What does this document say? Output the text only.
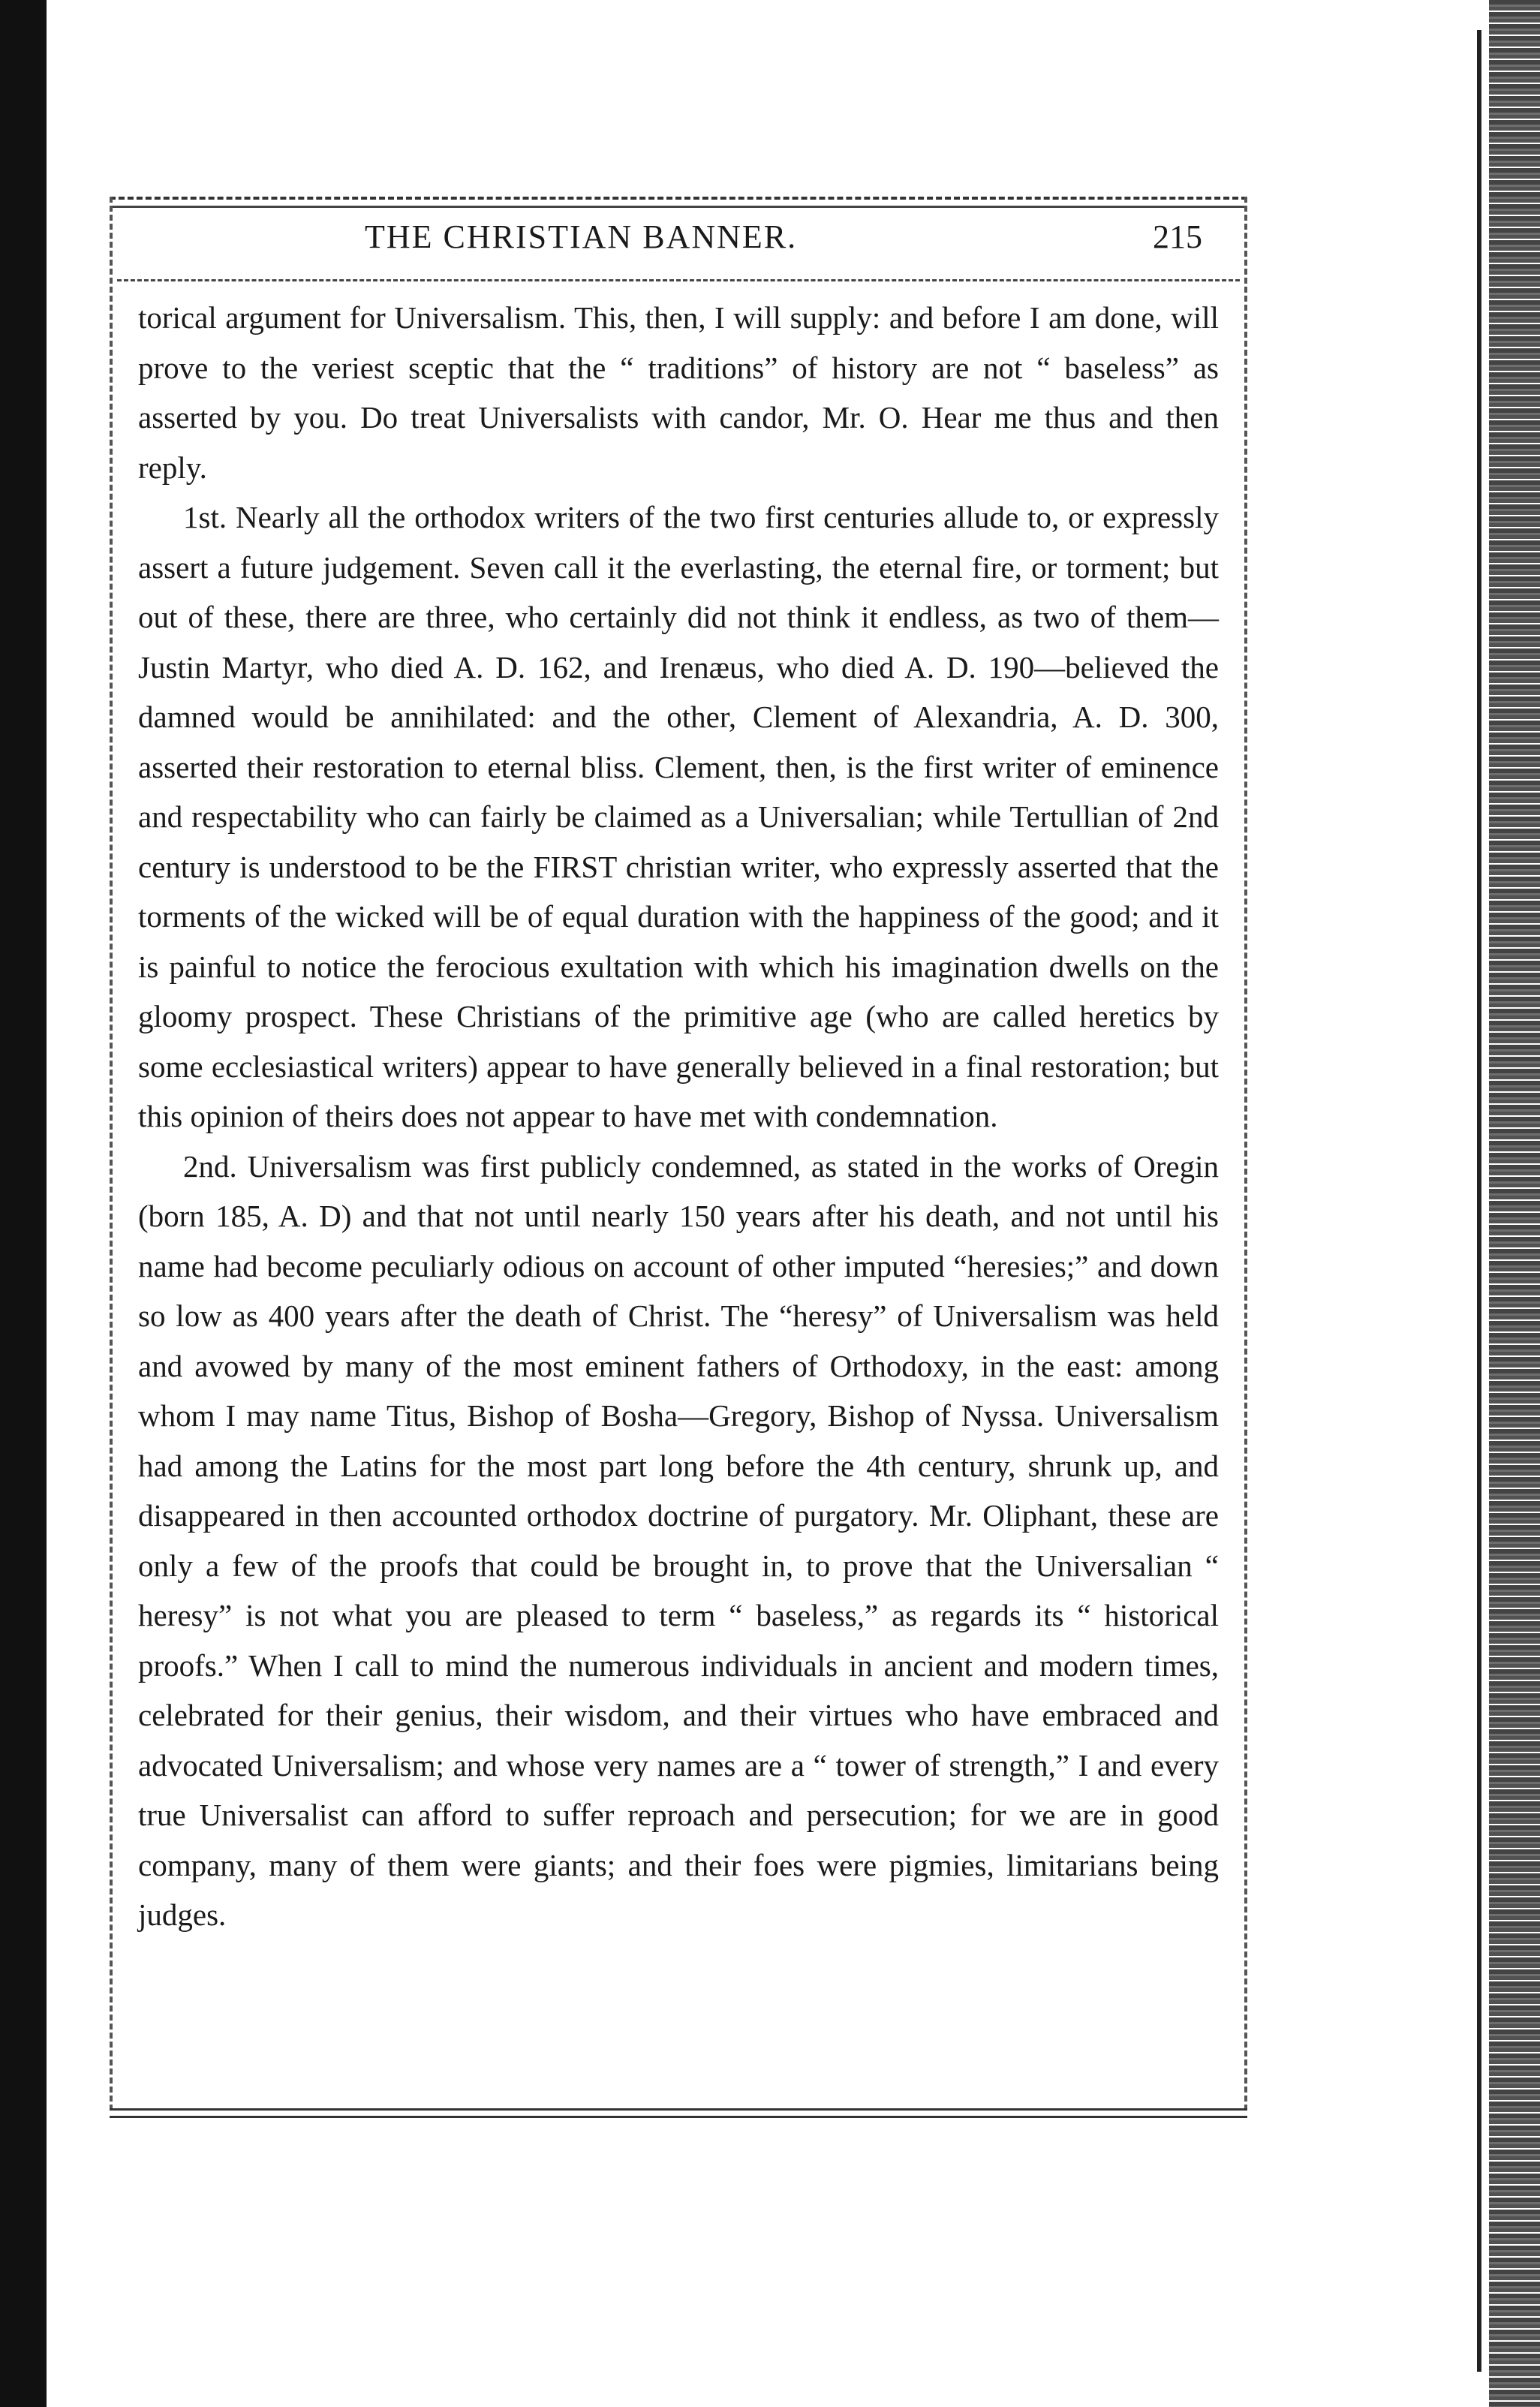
THE CHRISTIAN BANNER.	215

torical argument for Universalism. This, then, I will supply: and before I am done, will prove to the veriest sceptic that the “ traditions” of history are not “ baseless” as asserted by you. Do treat Universalists with candor, Mr. O. Hear me thus and then reply.

1st. Nearly all the orthodox writers of the two first centuries allude to, or expressly assert a future judgement. Seven call it the everlasting, the eternal fire, or torment; but out of these, there are three, who certainly did not think it endless, as two of them—Justin Martyr, who died A. D. 162, and Irenæus, who died A. D. 190—believed the damned would be annihilated: and the other, Clement of Alexandria, A. D. 300, asserted their restoration to eternal bliss. Clement, then, is the first writer of eminence and respectability who can fairly be claimed as a Universalian; while Tertullian of 2nd century is understood to be the FIRST christian writer, who expressly asserted that the torments of the wicked will be of equal duration with the happiness of the good; and it is painful to notice the ferocious exultation with which his imagination dwells on the gloomy prospect. These Christians of the primitive age (who are called heretics by some ecclesiastical writers) appear to have generally believed in a final restoration; but this opinion of theirs does not appear to have met with condemnation.

2nd. Universalism was first publicly condemned, as stated in the works of Oregin (born 185, A. D) and that not until nearly 150 years after his death, and not until his name had become peculiarly odious on account of other imputed “heresies;” and down so low as 400 years after the death of Christ. The “heresy” of Universalism was held and avowed by many of the most eminent fathers of Orthodoxy, in the east: among whom I may name Titus, Bishop of Bosha—Gregory, Bishop of Nyssa. Universalism had among the Latins for the most part long before the 4th century, shrunk up, and disappeared in then accounted orthodox doctrine of purgatory. Mr. Oliphant, these are only a few of the proofs that could be brought in, to prove that the Universalian “ heresy” is not what you are pleased to term “ baseless,” as regards its “ historical proofs.” When I call to mind the numerous individuals in ancient and modern times, celebrated for their genius, their wisdom, and their virtues who have embraced and advocated Universalism; and whose very names are a “ tower of strength,” I and every true Universalist can afford to suffer reproach and persecution; for we are in good company, many of them were giants; and their foes were pigmies, limitarians being judges.
